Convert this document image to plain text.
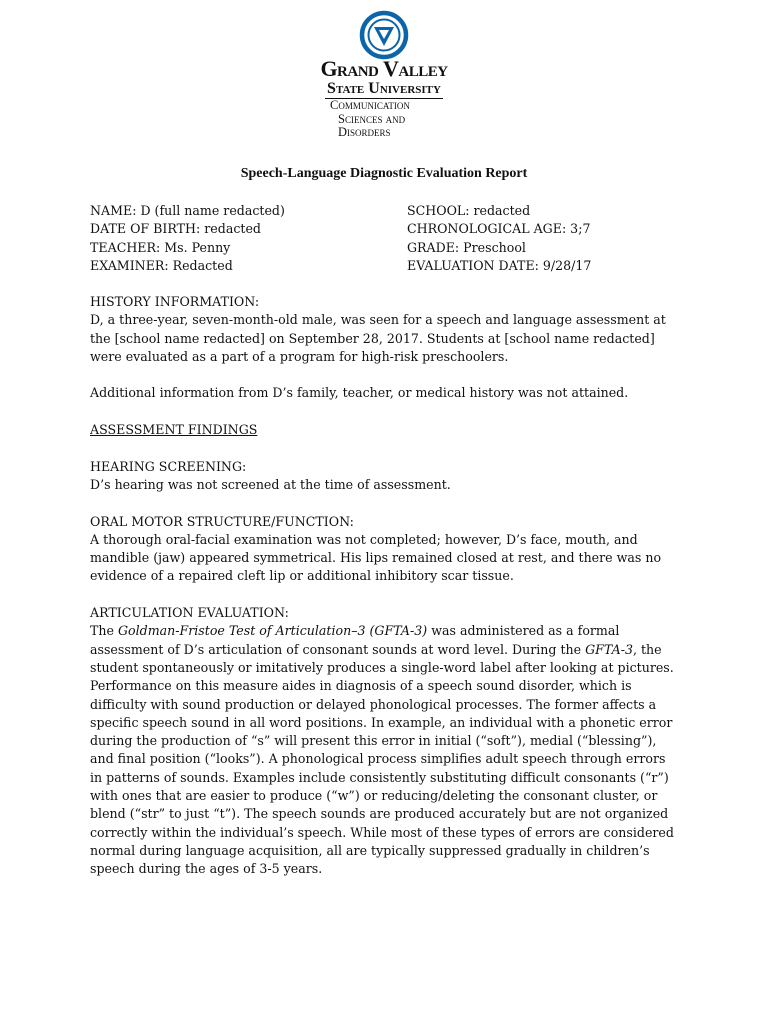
Grand Valley
State University
Communication
Sciences and
Disorders
Speech-Language Diagnostic Evaluation Report
NAME: D (full name redacted)	SCHOOL: redacted
DATE OF BIRTH: redacted	CHRONOLOGICAL AGE: 3;7
TEACHER: Ms. Penny	GRADE: Preschool
EXAMINER: Redacted	EVALUATION DATE: 9/28/17
HISTORY INFORMATION:
D, a three-year, seven-month-old male, was seen for a speech and language assessment at
the [school name redacted] on September 28, 2017. Students at [school name redacted]
were evaluated as a part of a program for high-risk preschoolers.
Additional information from D’s family, teacher, or medical history was not attained.
ASSESSMENT FINDINGS
HEARING SCREENING:
D’s hearing was not screened at the time of assessment.
ORAL MOTOR STRUCTURE/FUNCTION:
A thorough oral-facial examination was not completed; however, D’s face, mouth, and
mandible (jaw) appeared symmetrical. His lips remained closed at rest, and there was no
evidence of a repaired cleft lip or additional inhibitory scar tissue.
ARTICULATION EVALUATION:
The Goldman-Fristoe Test of Articulation–3 (GFTA-3) was administered as a formal
assessment of D’s articulation of consonant sounds at word level. During the GFTA-3, the
student spontaneously or imitatively produces a single-word label after looking at pictures.
Performance on this measure aides in diagnosis of a speech sound disorder, which is
difficulty with sound production or delayed phonological processes. The former affects a
specific speech sound in all word positions. In example, an individual with a phonetic error
during the production of “s” will present this error in initial (“soft”), medial (“blessing”),
and final position (“looks”). A phonological process simplifies adult speech through errors
in patterns of sounds. Examples include consistently substituting difficult consonants (“r”)
with ones that are easier to produce (“w”) or reducing/deleting the consonant cluster, or
blend (“str” to just “t”). The speech sounds are produced accurately but are not organized
correctly within the individual’s speech. While most of these types of errors are considered
normal during language acquisition, all are typically suppressed gradually in children’s
speech during the ages of 3-5 years.
